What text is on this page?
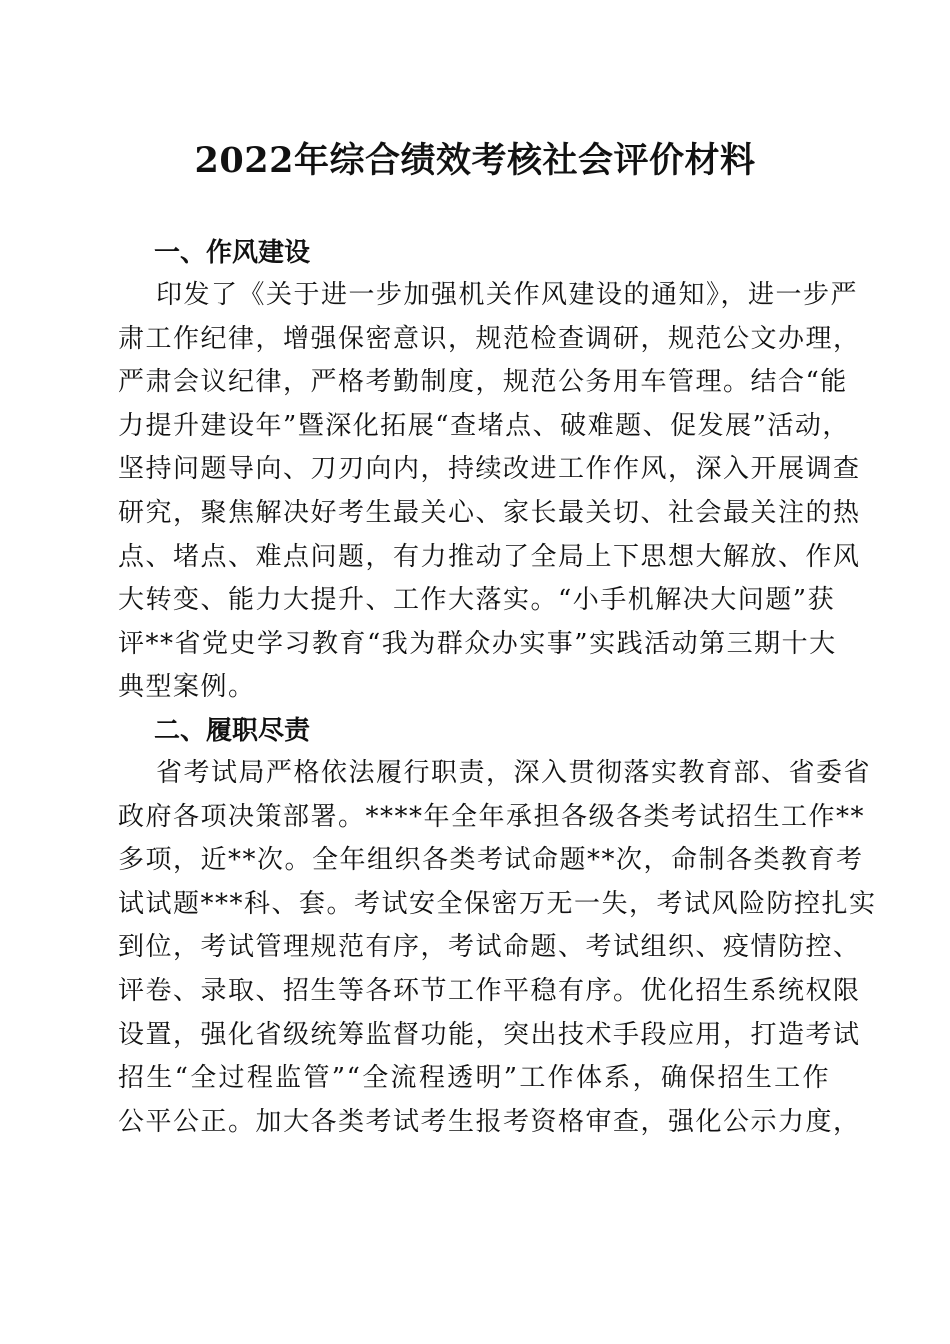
2022年综合绩效考核社会评价材料
一、作风建设

印发了《关于进一步加强机关作风建设的通知》，进一步严
肃工作纪律，增强保密意识，规范检查调研，规范公文办理，
严肃会议纪律，严格考勤制度，规范公务用车管理。结合“能
力提升建设年”暨深化拓展“查堵点、破难题、促发展”活动，
坚持问题导向、刀刃向内，持续改进工作作风，深入开展调查
研究，聚焦解决好考生最关心、家长最关切、社会最关注的热
点、堵点、难点问题，有力推动了全局上下思想大解放、作风
大转变、能力大提升、工作大落实。“小手机解决大问题”获
评**省党史学习教育“我为群众办实事”实践活动第三期十大
典型案例。

二、履职尽责

省考试局严格依法履行职责，深入贯彻落实教育部、省委省
政府各项决策部署。****年全年承担各级各类考试招生工作**
多项，近**次。全年组织各类考试命题**次，命制各类教育考
试试题***科、套。考试安全保密万无一失，考试风险防控扎实
到位，考试管理规范有序，考试命题、考试组织、疫情防控、
评卷、录取、招生等各环节工作平稳有序。优化招生系统权限
设置，强化省级统筹监督功能，突出技术手段应用，打造考试
招生“全过程监管”“全流程透明”工作体系，确保招生工作
公平公正。加大各类考试考生报考资格审查，强化公示力度，
